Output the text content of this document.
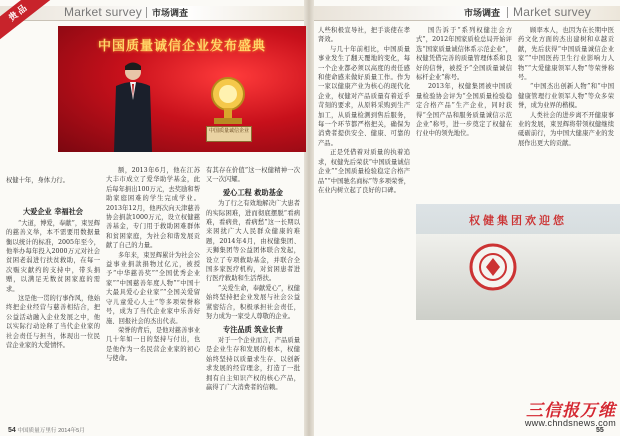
Market survey 市场调查
贵品
中国质量诚信企业发布盛典
中国质量诚信企业

权健十年，身体力行。

大爱企业 幸福社会

“大道，博爱，奉献”，束昱辉的慈善义举，本不需要用数据量衡以统计的标准，2005年至今，他举办每年投入2000万元对社会贫困老弱进行扶贫救助，在每一次赈灾献约的支持中，带头捐赠，以满足无数贫困家庭的需求。

这是他一贯的行事作风，他始终把企业经营与慈善相结合，把公益活动融入企业发展之中，他以实际行动诠释了当代企业家的社会责任与担当，体现出一位民营企业家的大爱情怀。

额，2013年6月，他在江苏大丰市成立了爱华助学基金，此后每年捐出100万元，去奖励和帮助家庭困难的学生完成学业。2013年12月，他再次向天津慈善协会捐款1000万元，设立权健慈善基金，专门用于救助困难群体和贫困家庭，为社会和谐发展贡献了自己的力量。

多年来，束昱辉累计为社会公益事业捐款捐物过亿元，被授予“中华慈善奖”“全国优秀企业家”“中国慈善年度人物”“中国十大最具爱心企业家”“全国关爱留守儿童爱心人士”等多项荣誉称号，成为了当代企业家中乐善好施、回报社会的杰出代表。

荣誉的背后，是他对慈善事业几十年如一日的坚持与付出，也是他作为一名民营企业家的初心与使命。

有其存在价值”这一权健精神一次又一次闪耀。

爱心工程 救助基金

为了行之有效地解决广大患者的实际困难，进而彻底摆脱“看病难，看病贵，看病愁”这一长期以来困扰广大人民群众健康的难题，2014年4月，由权健集团、天狮集团等公益团体联合发起，设立了专项救助基金，并联合全国多家医疗机构，对贫困患者进行医疗救助和生活帮扶。

“关爱生命，奉献爱心”，权健始终坚持把企业发展与社会公益紧密结合，积极承担社会责任，努力成为一家受人尊敬的企业。

专注品质 筑业长青

对于一个企业而言，产品质量是企业生存和发展的根本，权健始终坚持以质量求生存、以创新求发展的经营理念，打造了一批拥有自主知识产权的核心产品，赢得了广大消费者的信赖。

54 中国质量万里行 2014年5月
市场调查 Market survey

人些积极宣导社，把手谈使在孝肾效。

与几十年前相比，中国质量事业发生了翻天覆地的变化，每一个企业都必须以高度的责任感和使命感来做好质量工作。作为一家以健康产业为核心的现代化企业，权健对产品质量有着近乎苛刻的要求，从原料采购到生产加工，从质量检测到售后服务，每一个环节都严格把关，确保为消费者提供安全、健康、可靠的产品。

正是凭借着对质量的执着追求，权健先后荣获“中国质量诚信企业”“全国质量检验稳定合格产品”“中国驰名商标”等多项荣誉，在业内树立起了良好的口碑。

国告诉于“系列权健注会方式”，2012年国家质检总局开始评选“国家质量诚信体系示范企业”，权健凭借完善的质量管理体系和良好的信誉，被授予“全国质量诚信标杆企业”称号。

2013年，权健集团被中国质量检验协会评为“全国质量检验稳定合格产品”生产企业，同时获得“全国产品和服务质量诚信示范企业”称号，进一步奠定了权健在行业中的领先地位。

顾率本人，也因为在长期中医药文化方面的杰出建树和卓越贡献，先后获得“中国质量诚信企业家”“中国医药卫生行业影响力人物”“大爱健康领军人物”等荣誉称号。

“中国杰出创新人物”和“中国健康管理行业领军人物”等众多荣誉，成为业界的楷模。

人类社会的进步离不开健康事业的发展，束昱辉将带领权健继续砥砺前行，为中国大健康产业的发展作出更大的贡献。

权健集团欢迎您
55
三信报万维
www.chndsnews.com
